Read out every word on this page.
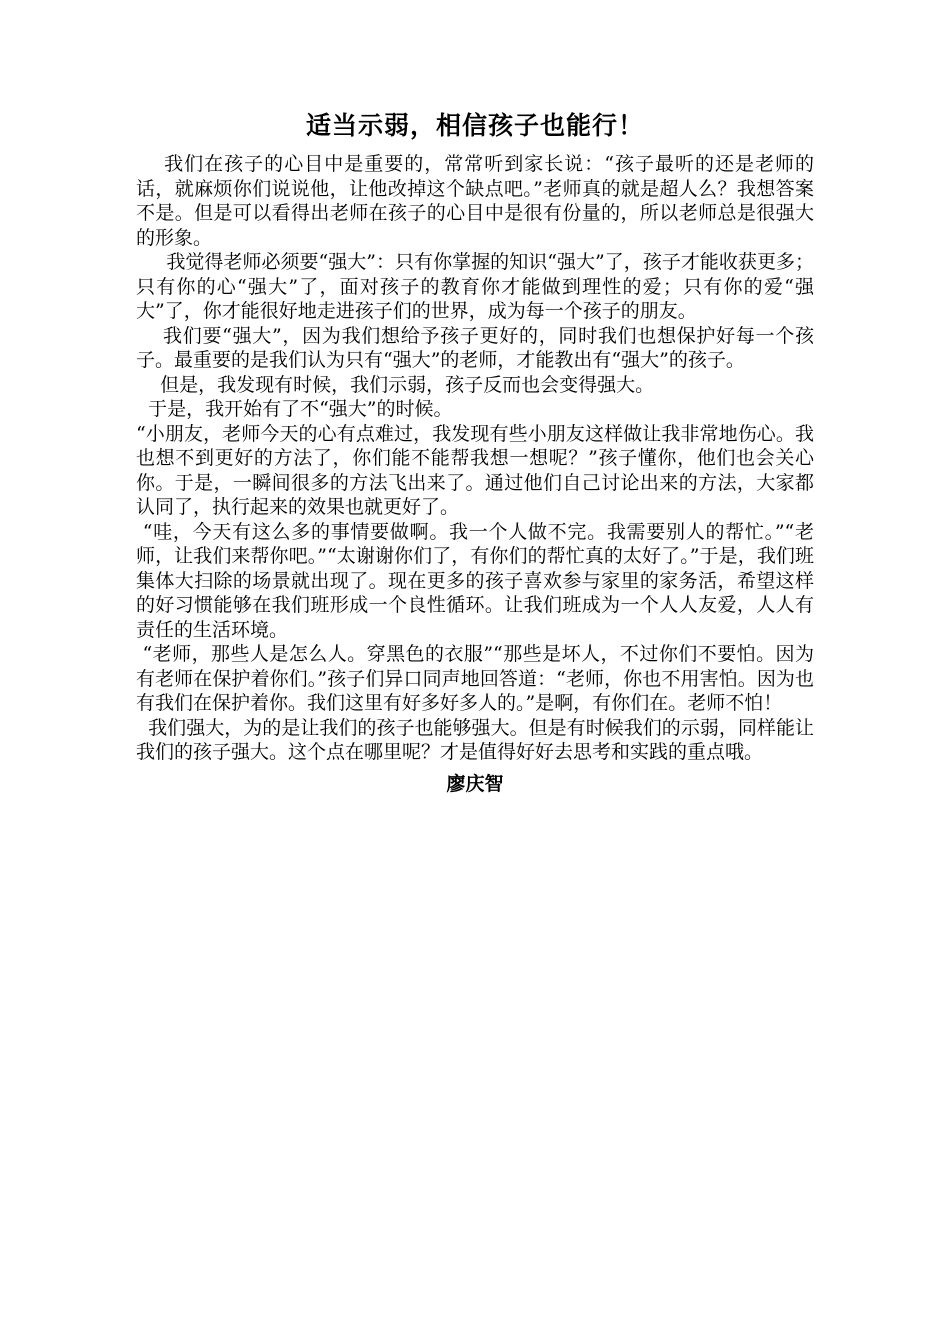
适当示弱，相信孩子也能行！

我们在孩子的心目中是重要的，常常听到家长说：“孩子最听的还是老师的话，就麻烦你们说说他，让他改掉这个缺点吧。”老师真的就是超人么？我想答案不是。但是可以看得出老师在孩子的心目中是很有份量的，所以老师总是很强大的形象。

我觉得老师必须要“强大”：只有你掌握的知识“强大”了，孩子才能收获更多；只有你的心“强大”了，面对孩子的教育你才能做到理性的爱；只有你的爱“强大”了，你才能很好地走进孩子们的世界，成为每一个孩子的朋友。

我们要“强大”，因为我们想给予孩子更好的，同时我们也想保护好每一个孩子。最重要的是我们认为只有“强大”的老师，才能教出有“强大”的孩子。

但是，我发现有时候，我们示弱，孩子反而也会变得强大。

于是，我开始有了不“强大”的时候。

“小朋友，老师今天的心有点难过，我发现有些小朋友这样做让我非常地伤心。我也想不到更好的方法了，你们能不能帮我想一想呢？”孩子懂你，他们也会关心你。于是，一瞬间很多的方法飞出来了。通过他们自己讨论出来的方法，大家都认同了，执行起来的效果也就更好了。

“哇，今天有这么多的事情要做啊。我一个人做不完。我需要别人的帮忙。”“老师，让我们来帮你吧。”“太谢谢你们了，有你们的帮忙真的太好了。”于是，我们班集体大扫除的场景就出现了。现在更多的孩子喜欢参与家里的家务活，希望这样的好习惯能够在我们班形成一个良性循环。让我们班成为一个人人友爱，人人有责任的生活环境。

“老师，那些人是怎么人。穿黑色的衣服”“那些是坏人，不过你们不要怕。因为有老师在保护着你们。”孩子们异口同声地回答道：“老师，你也不用害怕。因为也有我们在保护着你。我们这里有好多好多人的。”是啊，有你们在。老师不怕！

我们强大，为的是让我们的孩子也能够强大。但是有时候我们的示弱，同样能让我们的孩子强大。这个点在哪里呢？才是值得好好去思考和实践的重点哦。

廖庆智
